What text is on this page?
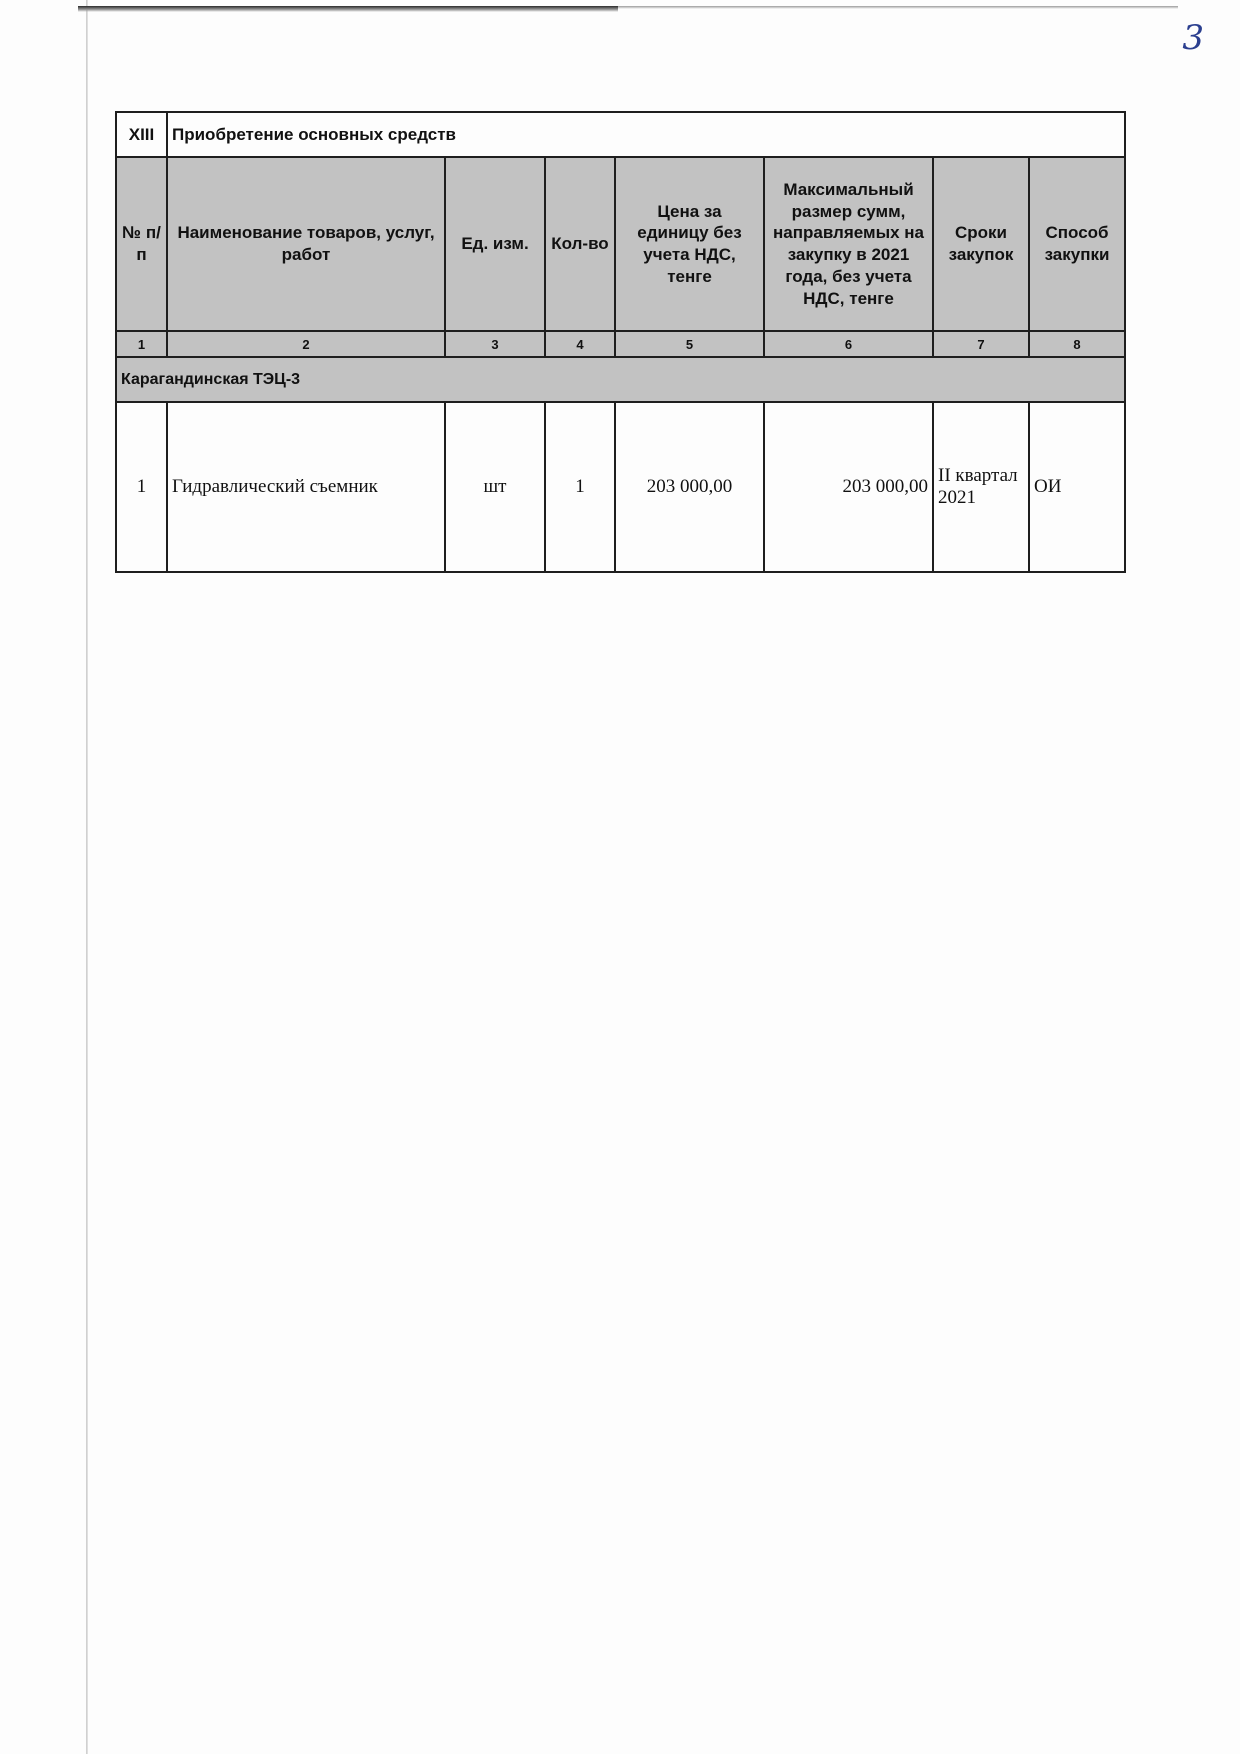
3
XIII	Приобретение основных средств						
№ п/п	Наименование товаров, услуг, работ	Ед. изм.	Кол-во	Цена за единицу без учета НДС, тенге	Максимальный размер сумм, направляемых на закупку в 2021 года, без учета НДС, тенге	Сроки закупок	Способ закупки
1	2	3	4	5	6	7	8
Карагандинская ТЭЦ-3							
1	Гидравлический съемник	шт	1	203 000,00	203 000,00	II квартал 2021	ОИ
